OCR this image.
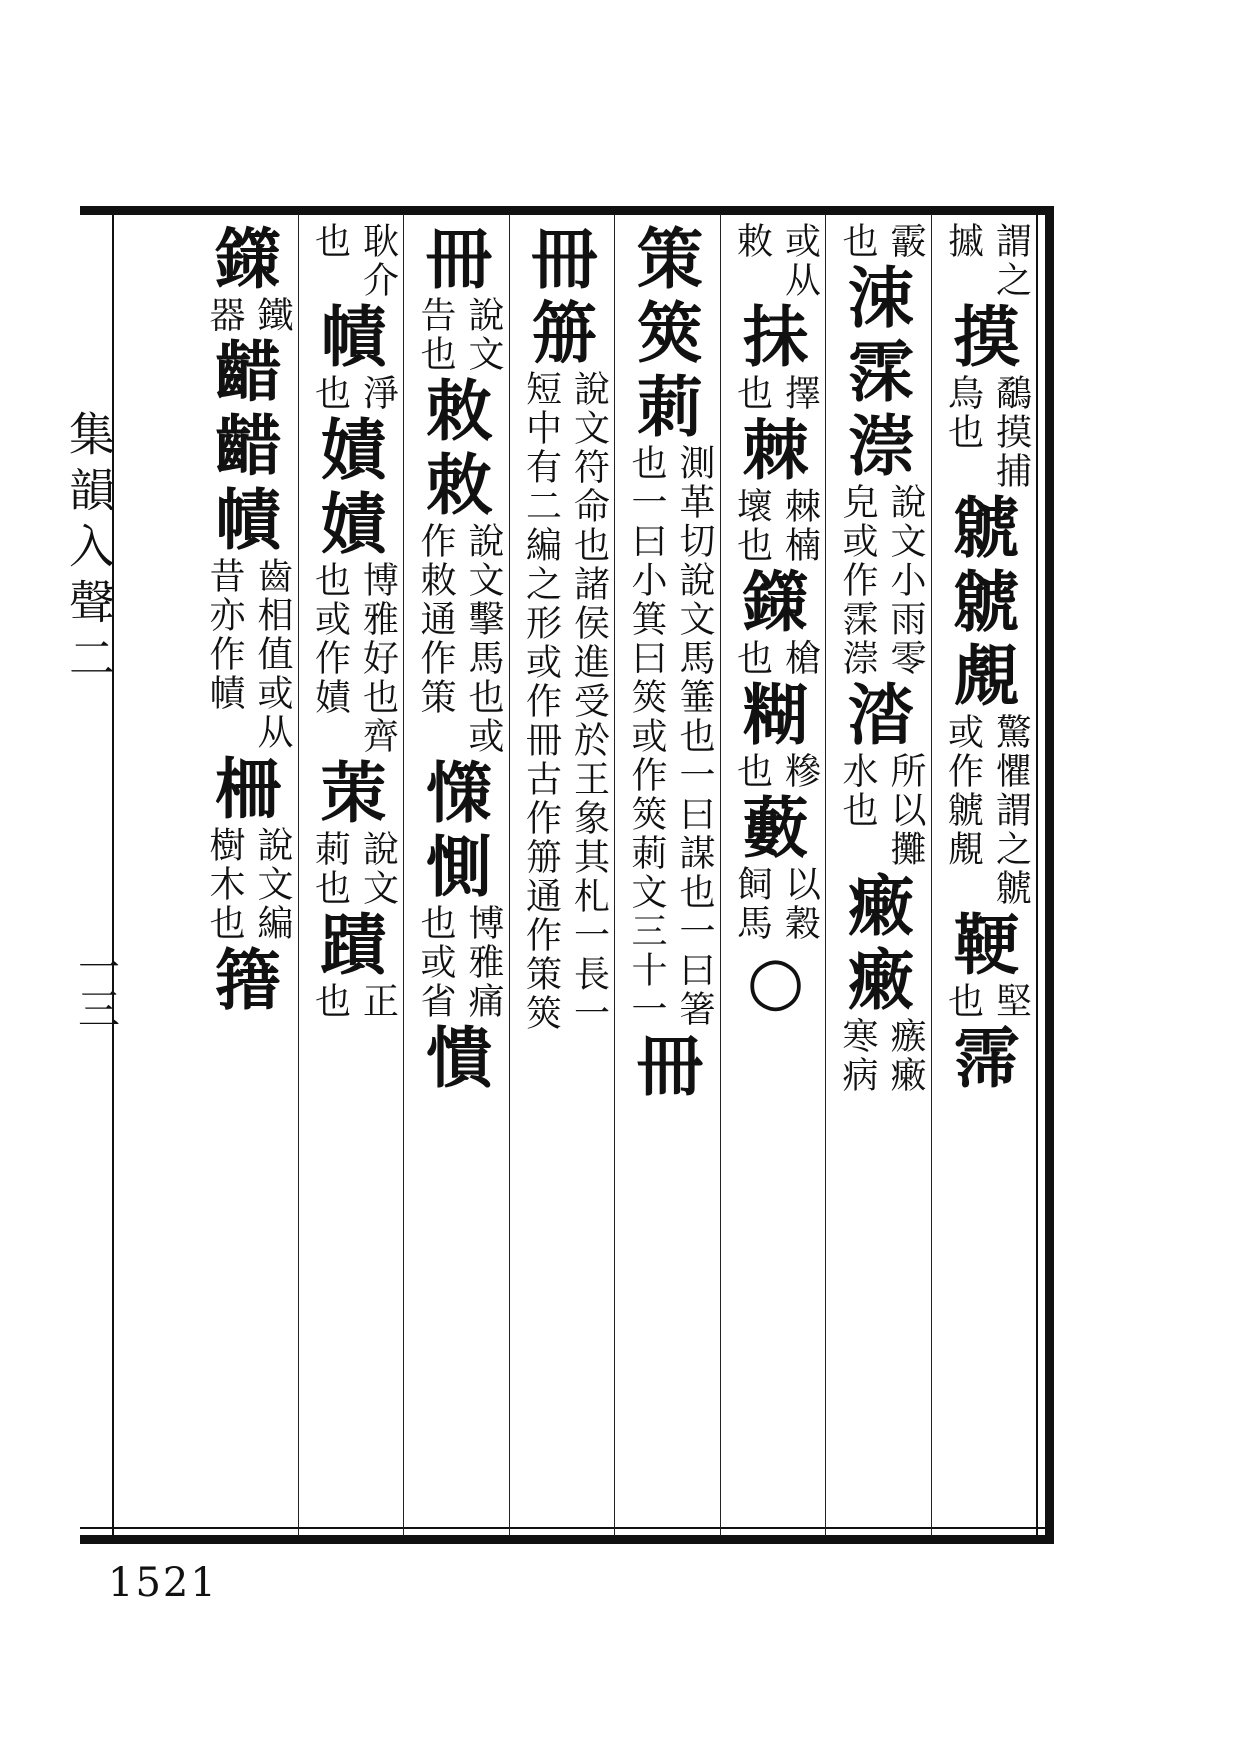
集韻入聲二
一三
1521
謂之
摵
摸
鷸摸捕
鳥也
虩
虩
覤
驚懼謂之虩
或作虩覤
鞕
堅
也
霈
霰
也
涑
霂
漴
說文小雨零
皃或作霂漴
涾
所以攤
水也
瘷
瘷
瘯瘷
寒病
或从
敕
抺
擇
也
棘
棘楠
壞也
鏼
槍
也
糊
糝
也
藪
以穀
飼馬
○
策
筴
莿
測革切說文馬箠也一曰謀也一曰箸
也一曰小箕曰筴或作筴莿文三十一
冊
冊
笧
說文符命也諸侯進受於王象其札一長一
短中有二編之形或作冊古作笧通作策筴
冊
說文
告也
敇
敇
說文擊馬也或
作敇通作策
憡
惻
博雅痛
也或省
憒
耿介
也
幘
淨
也
嫧
嫧
博雅好也齊
也或作嫧
茦
說文
莿也
蹟
正
也
鏼
鐵
器
齰
齰
幘
齒相值或从
昔亦作幘
柵
說文編
樹木也
簎
